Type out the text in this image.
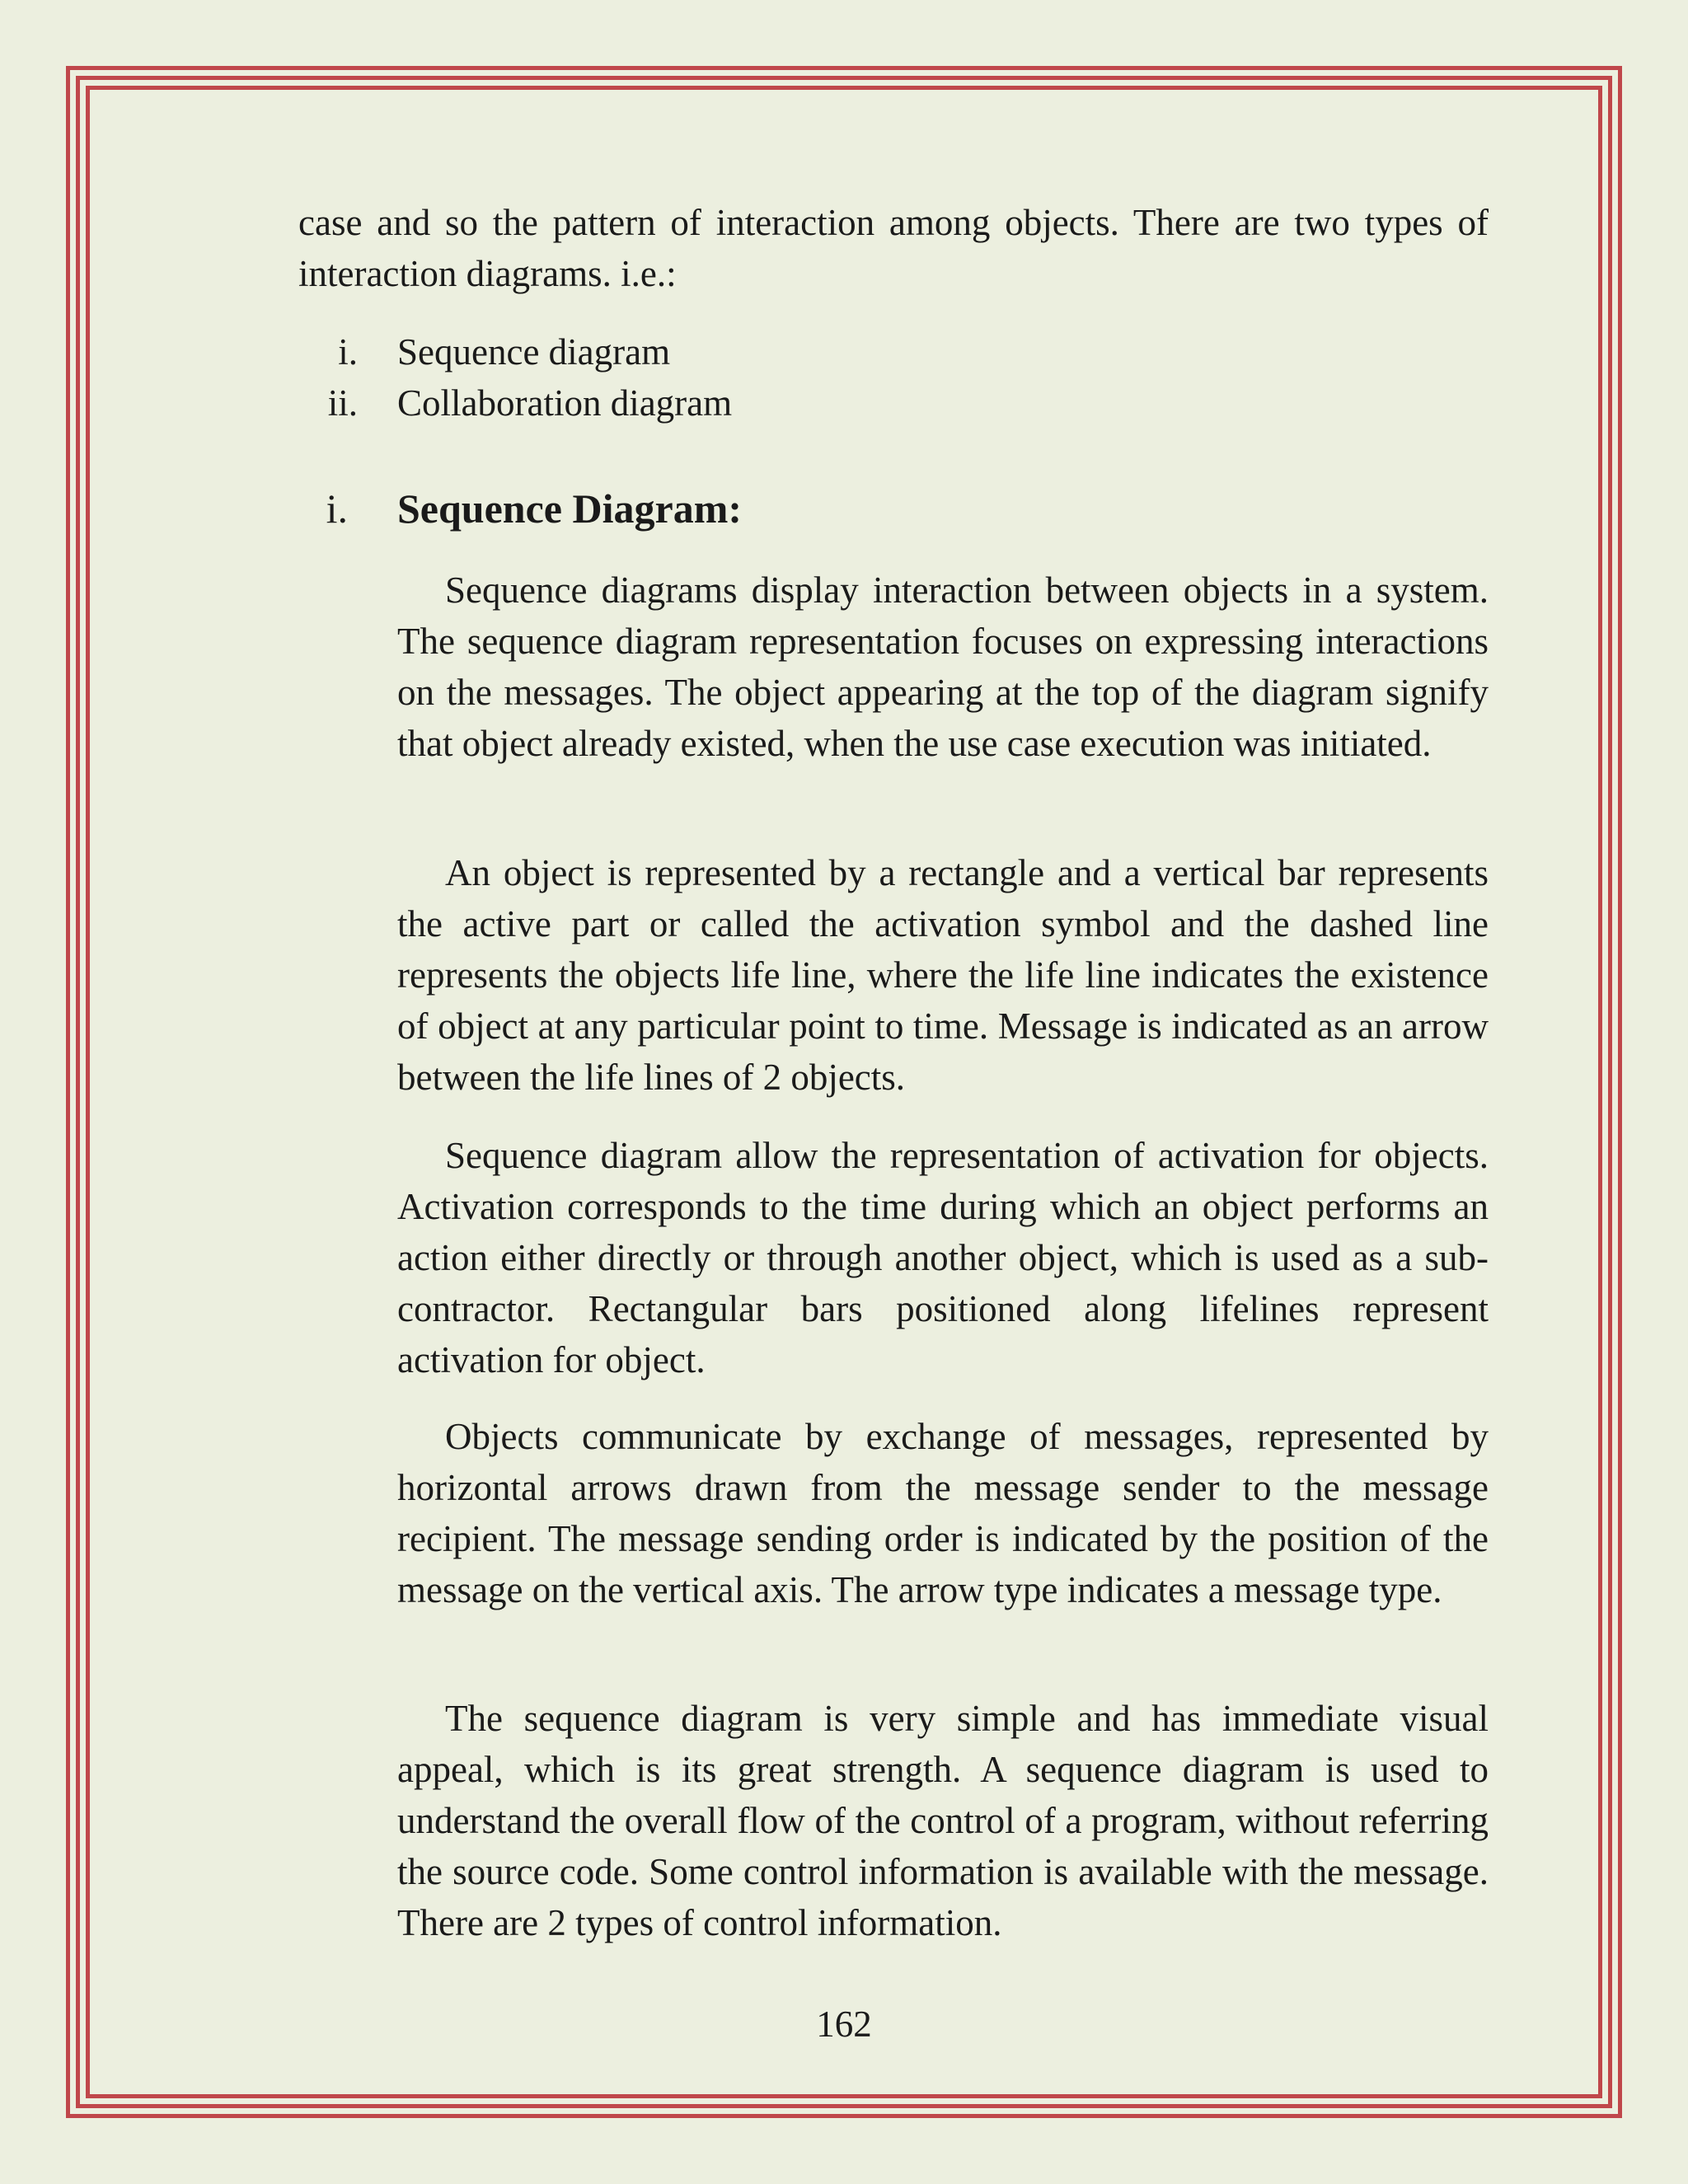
case and so the pattern of interaction among objects. There are two types of interaction diagrams. i.e.:
i. Sequence diagram
ii. Collaboration diagram
i. Sequence Diagram:

Sequence diagrams display interaction between objects in a system. The sequence diagram representation focuses on expressing interactions on the messages. The object appearing at the top of the diagram signify that object already existed, when the use case execution was initiated.

An object is represented by a rectangle and a vertical bar represents the active part or called the activation symbol and the dashed line represents the objects life line, where the life line indicates the existence of object at any particular point to time. Message is indicated as an arrow between the life lines of 2 objects.

Sequence diagram allow the representation of activation for objects. Activation corresponds to the time during which an object performs an action either directly or through another object, which is used as a sub-contractor. Rectangular bars positioned along lifelines represent activation for object.

Objects communicate by exchange of messages, represented by horizontal arrows drawn from the message sender to the message recipient. The message sending order is indicated by the position of the message on the vertical axis. The arrow type indicates a message type.

The sequence diagram is very simple and has immediate visual appeal, which is its great strength. A sequence diagram is used to understand the overall flow of the control of a program, without referring the source code. Some control information is available with the message. There are 2 types of control information.

162
